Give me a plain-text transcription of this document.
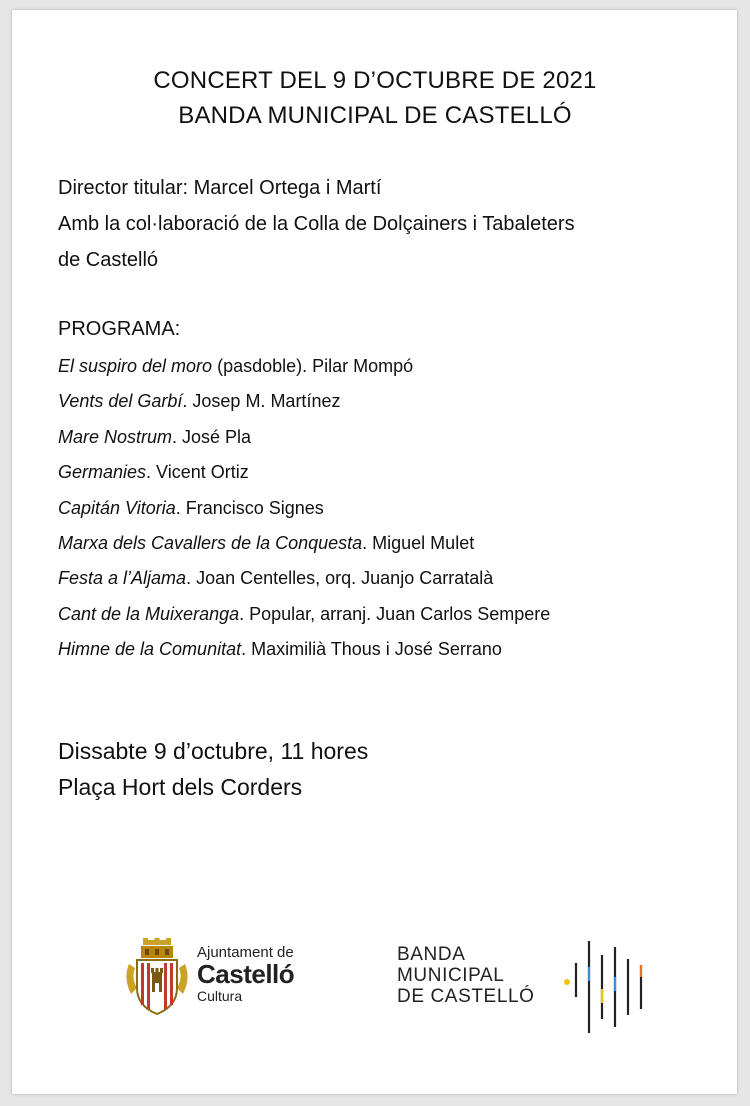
CONCERT DEL 9 D’OCTUBRE DE 2021
BANDA MUNICIPAL DE CASTELLÓ
Director titular: Marcel Ortega i Martí
Amb la col·laboració de la Colla de Dolçainers i Tabaleters
de Castelló
PROGRAMA:
El suspiro del moro (pasdoble). Pilar Mompó
Vents del Garbí. Josep M. Martínez
Mare Nostrum. José Pla
Germanies. Vicent Ortiz
Capitán Vitoria. Francisco Signes
Marxa dels Cavallers de la Conquesta. Miguel Mulet
Festa a l’Aljama. Joan Centelles, orq. Juanjo Carratalà
Cant de la Muixeranga. Popular, arranj. Juan Carlos Sempere
Himne de la Comunitat. Maximilià Thous i José Serrano
Dissabte 9 d’octubre, 11 hores
Plaça Hort dels Corders
Ajuntament de
Castelló
Cultura
BANDA
MUNICIPAL
DE CASTELLÓ
